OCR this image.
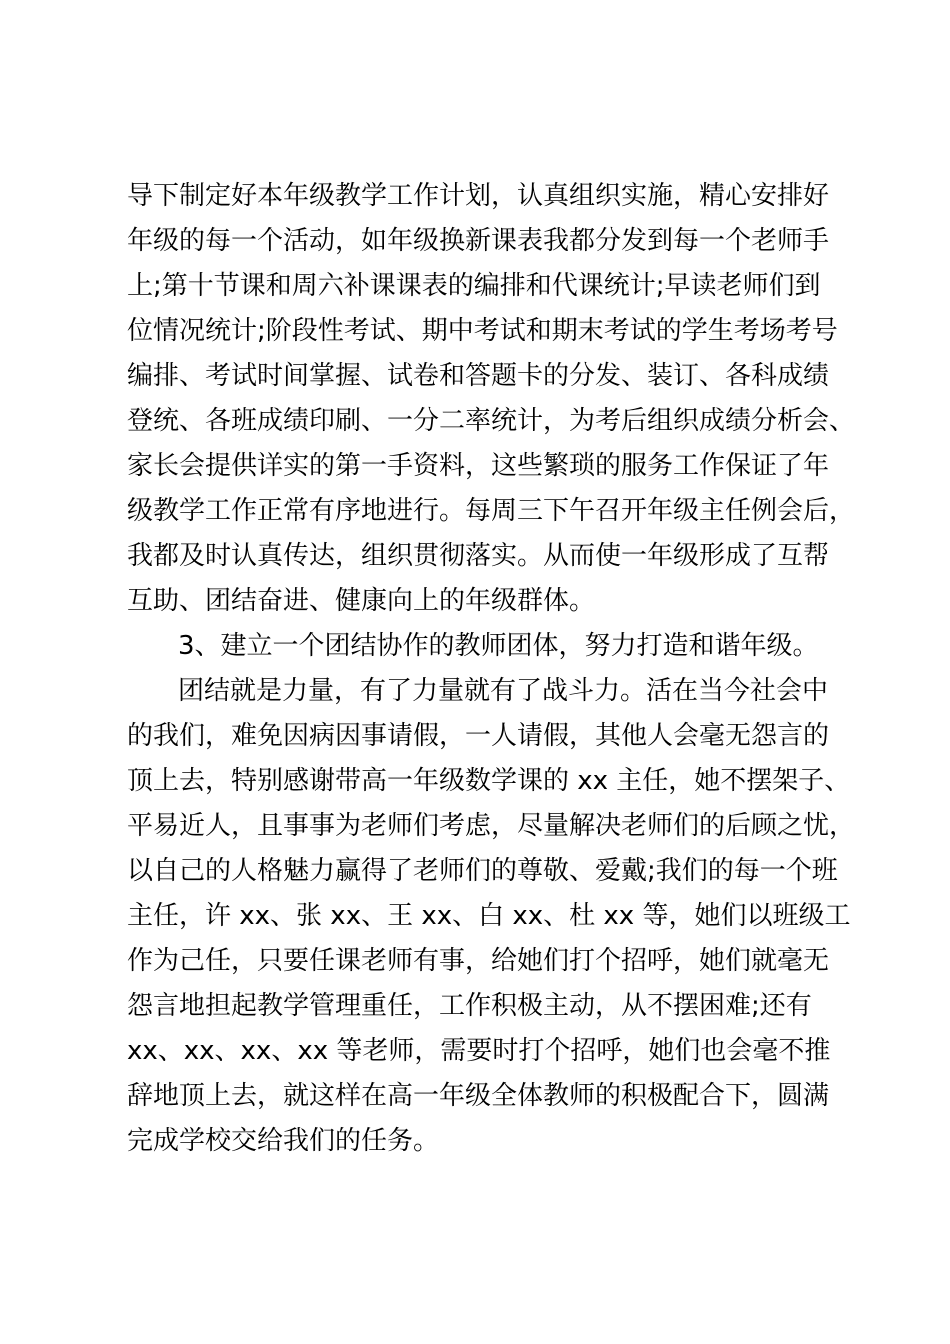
导下制定好本年级教学工作计划，认真组织实施，精心安排好
年级的每一个活动，如年级换新课表我都分发到每一个老师手
上;第十节课和周六补课课表的编排和代课统计;早读老师们到
位情况统计;阶段性考试、期中考试和期末考试的学生考场考号
编排、考试时间掌握、试卷和答题卡的分发、装订、各科成绩
登统、各班成绩印刷、一分二率统计，为考后组织成绩分析会、
家长会提供详实的第一手资料，这些繁琐的服务工作保证了年
级教学工作正常有序地进行。每周三下午召开年级主任例会后，
我都及时认真传达，组织贯彻落实。从而使一年级形成了互帮
互助、团结奋进、健康向上的年级群体。
3、建立一个团结协作的教师团体，努力打造和谐年级。
团结就是力量，有了力量就有了战斗力。活在当今社会中
的我们，难免因病因事请假，一人请假，其他人会毫无怨言的
顶上去，特别感谢带高一年级数学课的 xx 主任，她不摆架子、
平易近人，且事事为老师们考虑，尽量解决老师们的后顾之忧，
以自己的人格魅力赢得了老师们的尊敬、爱戴;我们的每一个班
主任，许 xx、张 xx、王 xx、白 xx、杜 xx 等，她们以班级工
作为己任，只要任课老师有事，给她们打个招呼，她们就毫无
怨言地担起教学管理重任，工作积极主动，从不摆困难;还有
xx、xx、xx、xx 等老师，需要时打个招呼，她们也会毫不推
辞地顶上去，就这样在高一年级全体教师的积极配合下，圆满
完成学校交给我们的任务。
